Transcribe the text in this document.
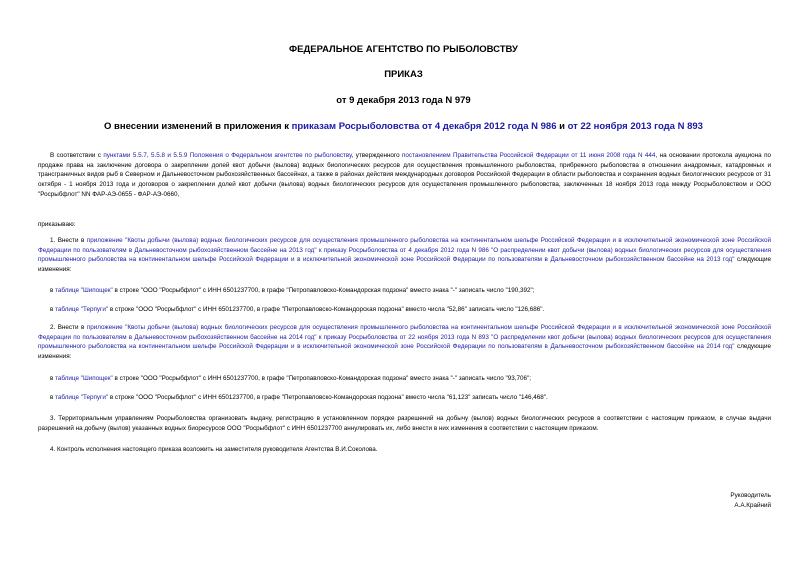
ФЕДЕРАЛЬНОЕ АГЕНТСТВО ПО РЫБОЛОВСТВУ
ПРИКАЗ
от 9 декабря 2013 года N 979
О внесении изменений в приложения к приказам Росрыболовства от 4 декабря 2012 года N 986 и от 22 ноября 2013 года N 893
В соответствии с пунктами 5.5.7, 5.5.8 и 5.5.9 Положения о Федеральном агентстве по рыболовству, утвержденного постановлением Правительства Российской Федерации от 11 июня 2008 года N 444, на основании протокола аукциона по продаже права на заключение договора о закреплении долей квот добычи (вылова) водных биологических ресурсов для осуществления промышленного рыболовства, прибрежного рыболовства в отношении анадромных, катадромных и трансграничных видов рыб в Северном и Дальневосточном рыбохозяйственных бассейнах, а также в районах действия международных договоров Российской Федерации в области рыболовства и сохранения водных биологических ресурсов от 31 октября - 1 ноября 2013 года и договоров о закреплении долей квот добычи (вылова) водных биологических ресурсов для осуществления промышленного рыболовства, заключенных 18 ноября 2013 года между Росрыболовством и ООО "Росрыбфлот" NN ФАР-АЭ-0655 - ФАР-АЭ-0660,
приказываю:
1. Внести в приложение "Квоты добычи (вылова) водных биологических ресурсов для осуществления промышленного рыболовства на континентальном шельфе Российской Федерации и в исключительной экономической зоне Российской Федерации по пользователям в Дальневосточном рыбохозяйственном бассейне на 2013 год" к приказу Росрыболовства от 4 декабря 2012 года N 986 "О распределении квот добычи (вылова) водных биологических ресурсов для осуществления промышленного рыболовства на континентальном шельфе Российской Федерации и в исключительной экономической зоне Российской Федерации по пользователям в Дальневосточном рыбохозяйственном бассейне на 2013 год" следующие изменения:
в таблице "Шипощек" в строке "ООО "Росрыбфлот" с ИНН 6501237700, в графе "Петропавловско-Командорская подзона" вместо знака "-" записать число "190,392";
в таблице "Терпуги" в строке "ООО "Росрыбфлот" с ИНН 6501237700, в графе "Петропавловско-Командорская подзона" вместо числа "52,86" записать число "126,686".
2. Внести в приложение "Квоты добычи (вылова) водных биологических ресурсов для осуществления промышленного рыболовства на континентальном шельфе Российской Федерации и в исключительной экономической зоне Российской Федерации по пользователям в Дальневосточном рыбохозяйственном бассейне на 2014 год" к приказу Росрыболовства от 22 ноября 2013 года N 893 "О распределении квот добычи (вылова) водных биологических ресурсов для осуществления промышленного рыболовства на континентальном шельфе Российской Федерации и в исключительной экономической зоне Российской Федерации по пользователям в Дальневосточном рыбохозяйственном бассейне на 2014 год" следующие изменения:
в таблице "Шипощек" в строке "ООО "Росрыбфлот" с ИНН 6501237700, в графе "Петропавловско-Командорская подзона" вместо знака "-" записать число "93,706";
в таблице "Терпуги" в строке "ООО "Росрыбфлот" с ИНН 6501237700, в графе "Петропавловско-Командорская подзона" вместо числа "61,123" записать число "146,468".
3. Территориальным управлениям Росрыболовства организовать выдачу, регистрацию в установленном порядке разрешений на добычу (вылов) водных биологических ресурсов в соответствии с настоящим приказом, в случае выдачи разрешений на добычу (вылов) указанных водных биоресурсов ООО "Росрыбфлот" с ИНН 6501237700 аннулировать их, либо внести в них изменения в соответствии с настоящим приказом.
4. Контроль исполнения настоящего приказа возложить на заместителя руководителя Агентства В.И.Соколова.
Руководитель
А.А.Крайний
